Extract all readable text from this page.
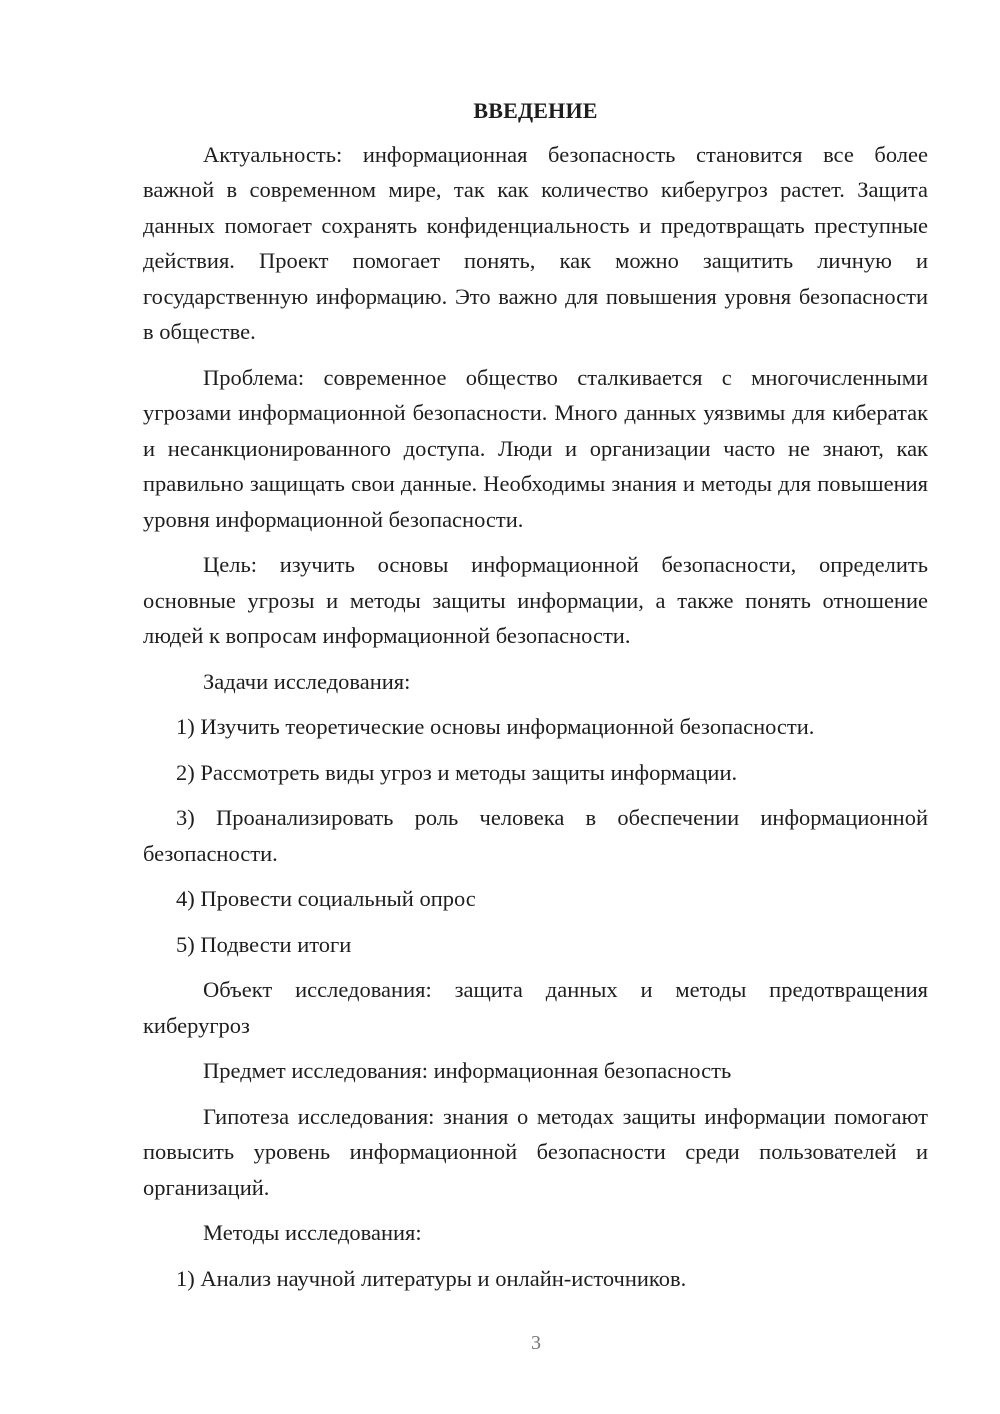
ВВЕДЕНИЕ
Актуальность: информационная безопасность становится все более важной в современном мире, так как количество киберугроз растет. Защита данных помогает сохранять конфиденциальность и предотвращать преступные действия. Проект помогает понять, как можно защитить личную и государственную информацию. Это важно для повышения уровня безопасности в обществе.
Проблема: современное общество сталкивается с многочисленными угрозами информационной безопасности. Много данных уязвимы для кибератак и несанкционированного доступа. Люди и организации часто не знают, как правильно защищать свои данные. Необходимы знания и методы для повышения уровня информационной безопасности.
Цель: изучить основы информационной безопасности, определить основные угрозы и методы защиты информации, а также понять отношение людей к вопросам информационной безопасности.
Задачи исследования:
1) Изучить теоретические основы информационной безопасности.
2) Рассмотреть виды угроз и методы защиты информации.
3) Проанализировать роль человека в обеспечении информационной безопасности.
4) Провести социальный опрос
5) Подвести итоги
Объект исследования: защита данных и методы предотвращения киберугроз
Предмет исследования: информационная безопасность
Гипотеза исследования: знания о методах защиты информации помогают повысить уровень информационной безопасности среди пользователей и организаций.
Методы исследования:
1) Анализ научной литературы и онлайн-источников.
3
